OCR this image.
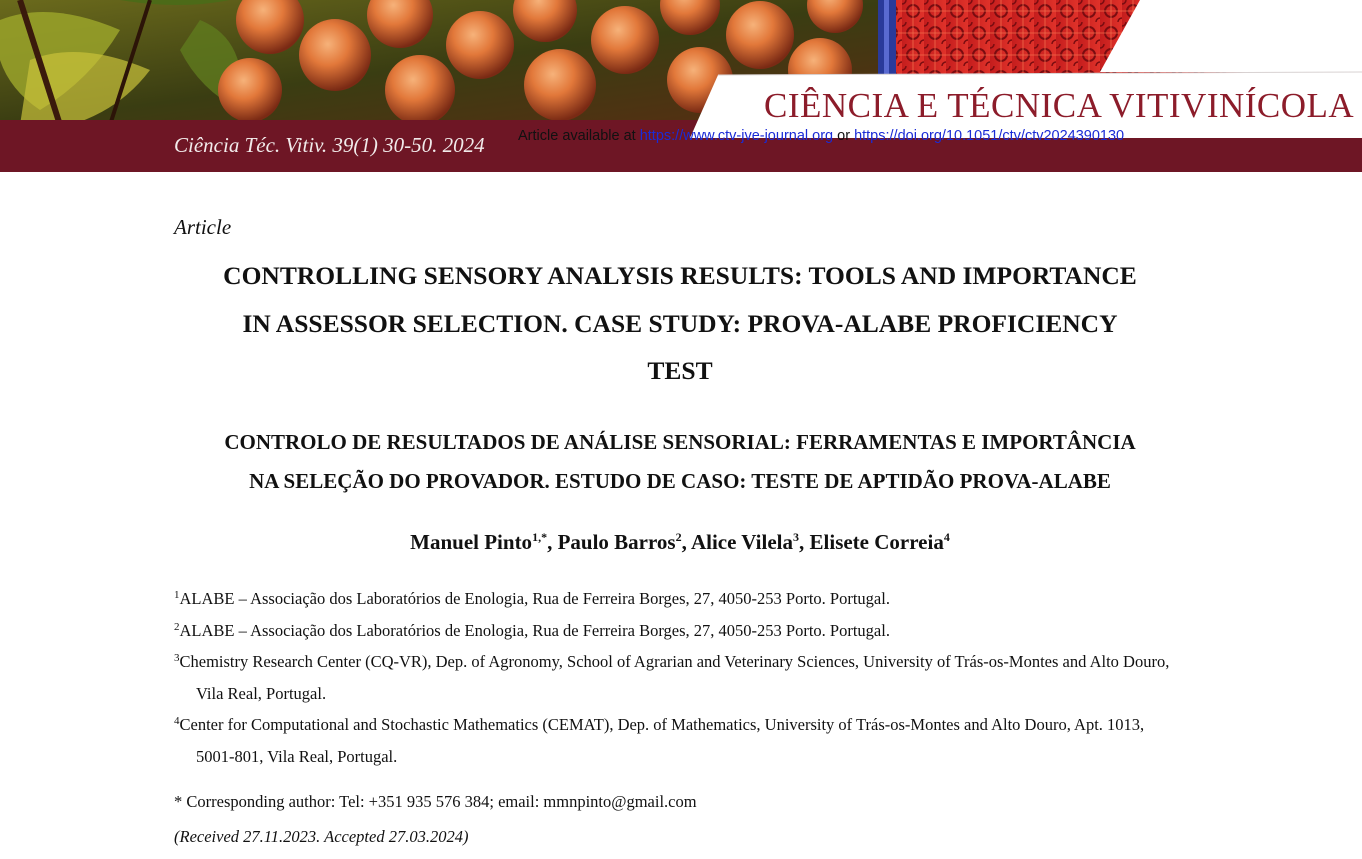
CIÊNCIA E TÉCNICA VITIVINÍCOLA
Ciência Téc. Vitiv. 39(1) 30-50. 2024 Article available at https://www.ctv-jve-journal.org or https://doi.org/10.1051/ctv/ctv2024390130
Article
CONTROLLING SENSORY ANALYSIS RESULTS: TOOLS AND IMPORTANCE
IN ASSESSOR SELECTION. CASE STUDY: PROVA-ALABE PROFICIENCY
TEST
CONTROLO DE RESULTADOS DE ANÁLISE SENSORIAL: FERRAMENTAS E IMPORTÂNCIA
NA SELEÇÃO DO PROVADOR. ESTUDO DE CASO: TESTE DE APTIDÃO PROVA-ALABE
Manuel Pinto$^{1,*}$, Paulo Barros$^2$, Alice Vilela$^3$, Elisete Correia$^4$
$^1$ALABE – Associação dos Laboratórios de Enologia, Rua de Ferreira Borges, 27, 4050-253 Porto. Portugal.
$^2$ALABE – Associação dos Laboratórios de Enologia, Rua de Ferreira Borges, 27, 4050-253 Porto. Portugal.
$^3$Chemistry Research Center (CQ-VR), Dep. of Agronomy, School of Agrarian and Veterinary Sciences, University of Trás-os-Montes and Alto Douro, Vila Real, Portugal.
$^4$Center for Computational and Stochastic Mathematics (CEMAT), Dep. of Mathematics, University of Trás-os-Montes and Alto Douro, Apt. 1013, 5001-801, Vila Real, Portugal.
* Corresponding author: Tel: +351 935 576 384; email: mmnpinto@gmail.com
(Received 27.11.2023. Accepted 27.03.2024)
